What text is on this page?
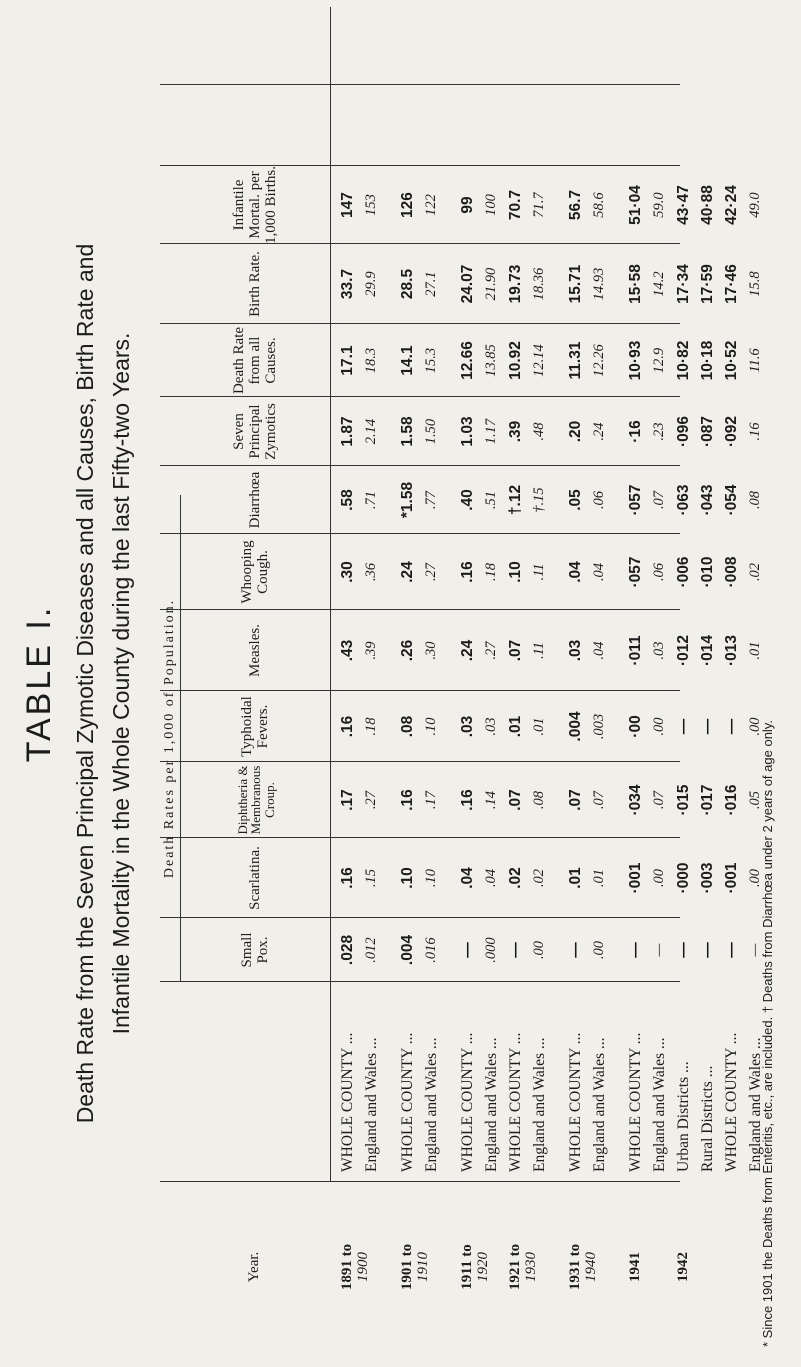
TABLE I. Death Rate from the Seven Principal Zymotic Diseases and all Causes, Birth Rate and Infantile Mortality in the Whole County during the last Fifty-two Years.
Year.
Death Rates per 1,000 of Population.
Small Pox.
Scarlatina.
Diphtheria & Membranous Croup.
Typhoidal Fevers.
Measles.
Whooping Cough.
Diarrhœa
Seven Principal Zymotics
Death Rate from all Causes.
Birth Rate.
Infantile Mortal. per 1,000 Births.
1891 to 1900
WHOLE COUNTY ...
.028
.16
.17
.16
.43
.30
.58
1.87
17.1
33.7
147
England and Wales ...
.012
.15
.27
.18
.39
.36
.71
2.14
18.3
29.9
153
1901 to 1910
WHOLE COUNTY ...
.004
.10
.16
.08
.26
.24
*1.58
1.58
14.1
28.5
126
England and Wales ...
.016
.10
.17
.10
.30
.27
.77
1.50
15.3
27.1
122
1911 to 1920
WHOLE COUNTY ...
—
.04
.16
.03
.24
.16
.40
1.03
12.66
24.07
99
England and Wales ...
.000
.04
.14
.03
.27
.18
.51
1.17
13.85
21.90
100
1921 to 1930
WHOLE COUNTY ...
—
.02
.07
.01
.07
.10
†.12
.39
10.92
19.73
70.7
England and Wales ...
.00
.02
.08
.01
.11
.11
†.15
.48
12.14
18.36
71.7
1931 to 1940
WHOLE COUNTY ...
—
.01
.07
.004
.03
.04
.05
.20
11.31
15.71
56.7
England and Wales ...
.00
.01
.07
.003
.04
.04
.06
.24
12.26
14.93
58.6
1941
WHOLE COUNTY ...
—
·001
·034
·00
·011
·057
·057
·16
10·93
15·58
51·04
England and Wales ...
—
.00
.07
.00
.03
.06
.07
.23
12.9
14.2
59.0
1942
Urban Districts ...
—
·000
·015
—
·012
·006
·063
·096
10·82
17·34
43·47
Rural Districts ...
—
·003
·017
—
·014
·010
·043
·087
10·18
17·59
40·88
WHOLE COUNTY ...
—
·001
·016
—
·013
·008
·054
·092
10·52
17·46
42·24
England and Wales ...
—
.00
.05
.00
.01
.02
.08
.16
11.6
15.8
49.0
* Since 1901 the Deaths from Enteritis, etc., are included. † Deaths from Diarrhœa under 2 years of age only.
